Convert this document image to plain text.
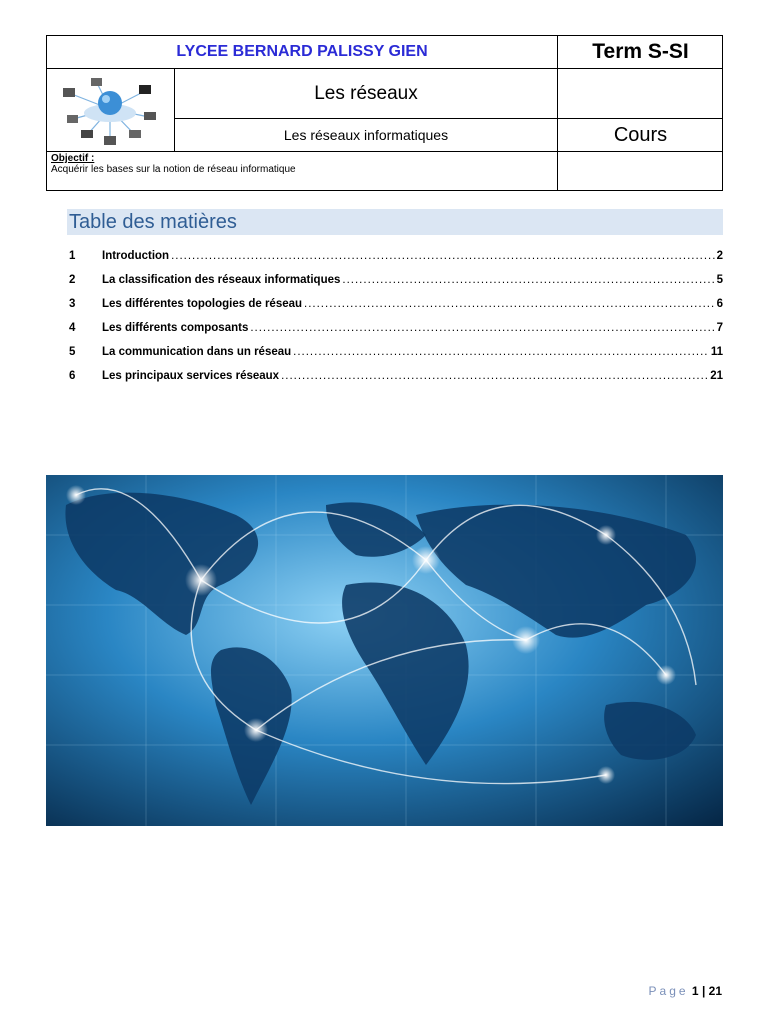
LYCEE BERNARD PALISSY GIEN	Term S-SI
Les réseaux
Les réseaux informatiques	Cours
Objectif :
Acquérir les bases sur la notion de réseau informatique
Table des matières
1	Introduction .....	2
2	La classification des réseaux informatiques .....	5
3	Les différentes topologies de réseau .....	6
4	Les différents composants .....	7
5	La communication dans un réseau .....	11
6	Les principaux services réseaux .....	21
Page 1 | 21
